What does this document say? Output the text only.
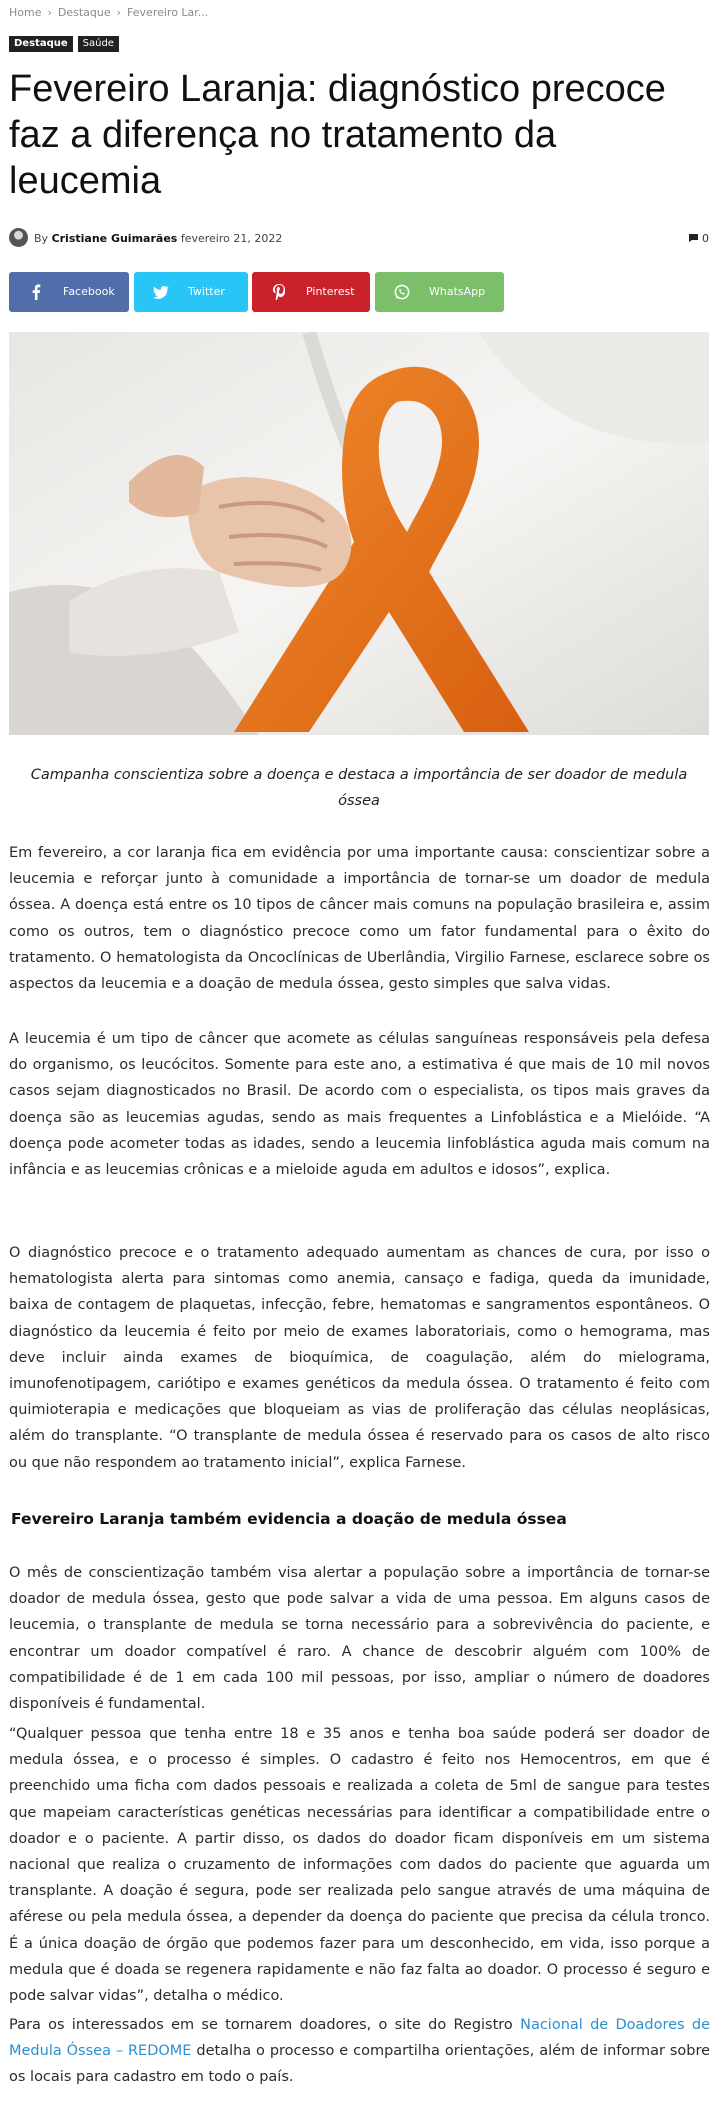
Home › Destaque › Fevereiro Lar...
Destaque	Saúde
Fevereiro Laranja: diagnóstico precoce faz a diferença no tratamento da leucemia
By Cristiane Guimarães fevereiro 21, 2022	0
Facebook	Twitter	Pinterest	WhatsApp
Campanha conscientiza sobre a doença e destaca a importância de ser doador de medula óssea

Em fevereiro, a cor laranja fica em evidência por uma importante causa: conscientizar sobre a leucemia e reforçar junto à comunidade a importância de tornar-se um doador de medula óssea. A doença está entre os 10 tipos de câncer mais comuns na população brasileira e, assim como os outros, tem o diagnóstico precoce como um fator fundamental para o êxito do tratamento. O hematologista da Oncoclínicas de Uberlândia, Virgilio Farnese, esclarece sobre os aspectos da leucemia e a doação de medula óssea, gesto simples que salva vidas.

A leucemia é um tipo de câncer que acomete as células sanguíneas responsáveis pela defesa do organismo, os leucócitos. Somente para este ano, a estimativa é que mais de 10 mil novos casos sejam diagnosticados no Brasil. De acordo com o especialista, os tipos mais graves da doença são as leucemias agudas, sendo as mais frequentes a Linfoblástica e a Mielóide. “A doença pode acometer todas as idades, sendo a leucemia linfoblástica aguda mais comum na infância e as leucemias crônicas e a mieloide aguda em adultos e idosos”, explica.

O diagnóstico precoce e o tratamento adequado aumentam as chances de cura, por isso o hematologista alerta para sintomas como anemia, cansaço e fadiga, queda da imunidade, baixa de contagem de plaquetas, infecção, febre, hematomas e sangramentos espontâneos. O diagnóstico da leucemia é feito por meio de exames laboratoriais, como o hemograma, mas deve incluir ainda exames de bioquímica, de coagulação, além do mielograma, imunofenotipagem, cariótipo e exames genéticos da medula óssea. O tratamento é feito com quimioterapia e medicações que bloqueiam as vias de proliferação das células neoplásicas, além do transplante. “O transplante de medula óssea é reservado para os casos de alto risco ou que não respondem ao tratamento inicial”, explica Farnese.

Fevereiro Laranja também evidencia a doação de medula óssea

O mês de conscientização também visa alertar a população sobre a importância de tornar-se doador de medula óssea, gesto que pode salvar a vida de uma pessoa. Em alguns casos de leucemia, o transplante de medula se torna necessário para a sobrevivência do paciente, e encontrar um doador compatível é raro. A chance de descobrir alguém com 100% de compatibilidade é de 1 em cada 100 mil pessoas, por isso, ampliar o número de doadores disponíveis é fundamental.

“Qualquer pessoa que tenha entre 18 e 35 anos e tenha boa saúde poderá ser doador de medula óssea, e o processo é simples. O cadastro é feito nos Hemocentros, em que é preenchido uma ficha com dados pessoais e realizada a coleta de 5ml de sangue para testes que mapeiam características genéticas necessárias para identificar a compatibilidade entre o doador e o paciente. A partir disso, os dados do doador ficam disponíveis em um sistema nacional que realiza o cruzamento de informações com dados do paciente que aguarda um transplante. A doação é segura, pode ser realizada pelo sangue através de uma máquina de aférese ou pela medula óssea, a depender da doença do paciente que precisa da célula tronco. É a única doação de órgão que podemos fazer para um desconhecido, em vida, isso porque a medula que é doada se regenera rapidamente e não faz falta ao doador. O processo é seguro e pode salvar vidas”, detalha o médico.

Para os interessados em se tornarem doadores, o site do Registro Nacional de Doadores de Medula Óssea – REDOME detalha o processo e compartilha orientações, além de informar sobre os locais para cadastro em todo o país.
